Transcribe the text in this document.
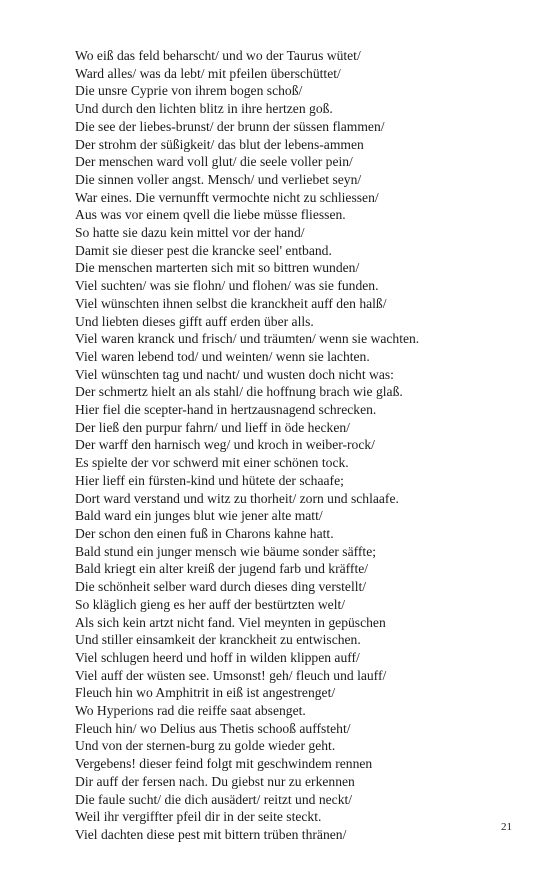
Wo eiß das feld beharscht/ und wo der Taurus wütet/
Ward alles/ was da lebt/ mit pfeilen überschüttet/
Die unsre Cyprie von ihrem bogen schoß/
Und durch den lichten blitz in ihre hertzen goß.
Die see der liebes-brunst/ der brunn der süssen flammen/
Der strohm der süßigkeit/ das blut der lebens-ammen
Der menschen ward voll glut/ die seele voller pein/
Die sinnen voller angst. Mensch/ und verliebet seyn/
War eines. Die vernunfft vermochte nicht zu schliessen/
Aus was vor einem qvell die liebe müsse fliessen.
So hatte sie dazu kein mittel vor der hand/
Damit sie dieser pest die krancke seel' entband.
Die menschen marterten sich mit so bittren wunden/
Viel suchten/ was sie flohn/ und flohen/ was sie funden.
Viel wünschten ihnen selbst die kranckheit auff den halß/
Und liebten dieses gifft auff erden über alls.
Viel waren kranck und frisch/ und träumten/ wenn sie wachten.
Viel waren lebend tod/ und weinten/ wenn sie lachten.
Viel wünschten tag und nacht/ und wusten doch nicht was:
Der schmertz hielt an als stahl/ die hoffnung brach wie glaß.
Hier fiel die scepter-hand in hertzausnagend schrecken.
Der ließ den purpur fahrn/ und lieff in öde hecken/
Der warff den harnisch weg/ und kroch in weiber-rock/
Es spielte der vor schwerd mit einer schönen tock.
Hier lieff ein fürsten-kind und hütete der schaafe;
Dort ward verstand und witz zu thorheit/ zorn und schlaafe.
Bald ward ein junges blut wie jener alte matt/
Der schon den einen fuß in Charons kahne hatt.
Bald stund ein junger mensch wie bäume sonder säffte;
Bald kriegt ein alter kreiß der jugend farb und kräffte/
Die schönheit selber ward durch dieses ding verstellt/
So kläglich gieng es her auff der bestürtzten welt/
Als sich kein artzt nicht fand. Viel meynten in gepüschen
Und stiller einsamkeit der kranckheit zu entwischen.
Viel schlugen heerd und hoff in wilden klippen auff/
Viel auff der wüsten see. Umsonst! geh/ fleuch und lauff/
Fleuch hin wo Amphitrit in eiß ist angestrenget/
Wo Hyperions rad die reiffe saat absenget.
Fleuch hin/ wo Delius aus Thetis schooß auffsteht/
Und von der sternen-burg zu golde wieder geht.
Vergebens! dieser feind folgt mit geschwindem rennen
Dir auff der fersen nach. Du giebst nur zu erkennen
Die faule sucht/ die dich ausädert/ reitzt und neckt/
Weil ihr vergiffter pfeil dir in der seite steckt.
Viel dachten diese pest mit bittern trüben thränen/	21
